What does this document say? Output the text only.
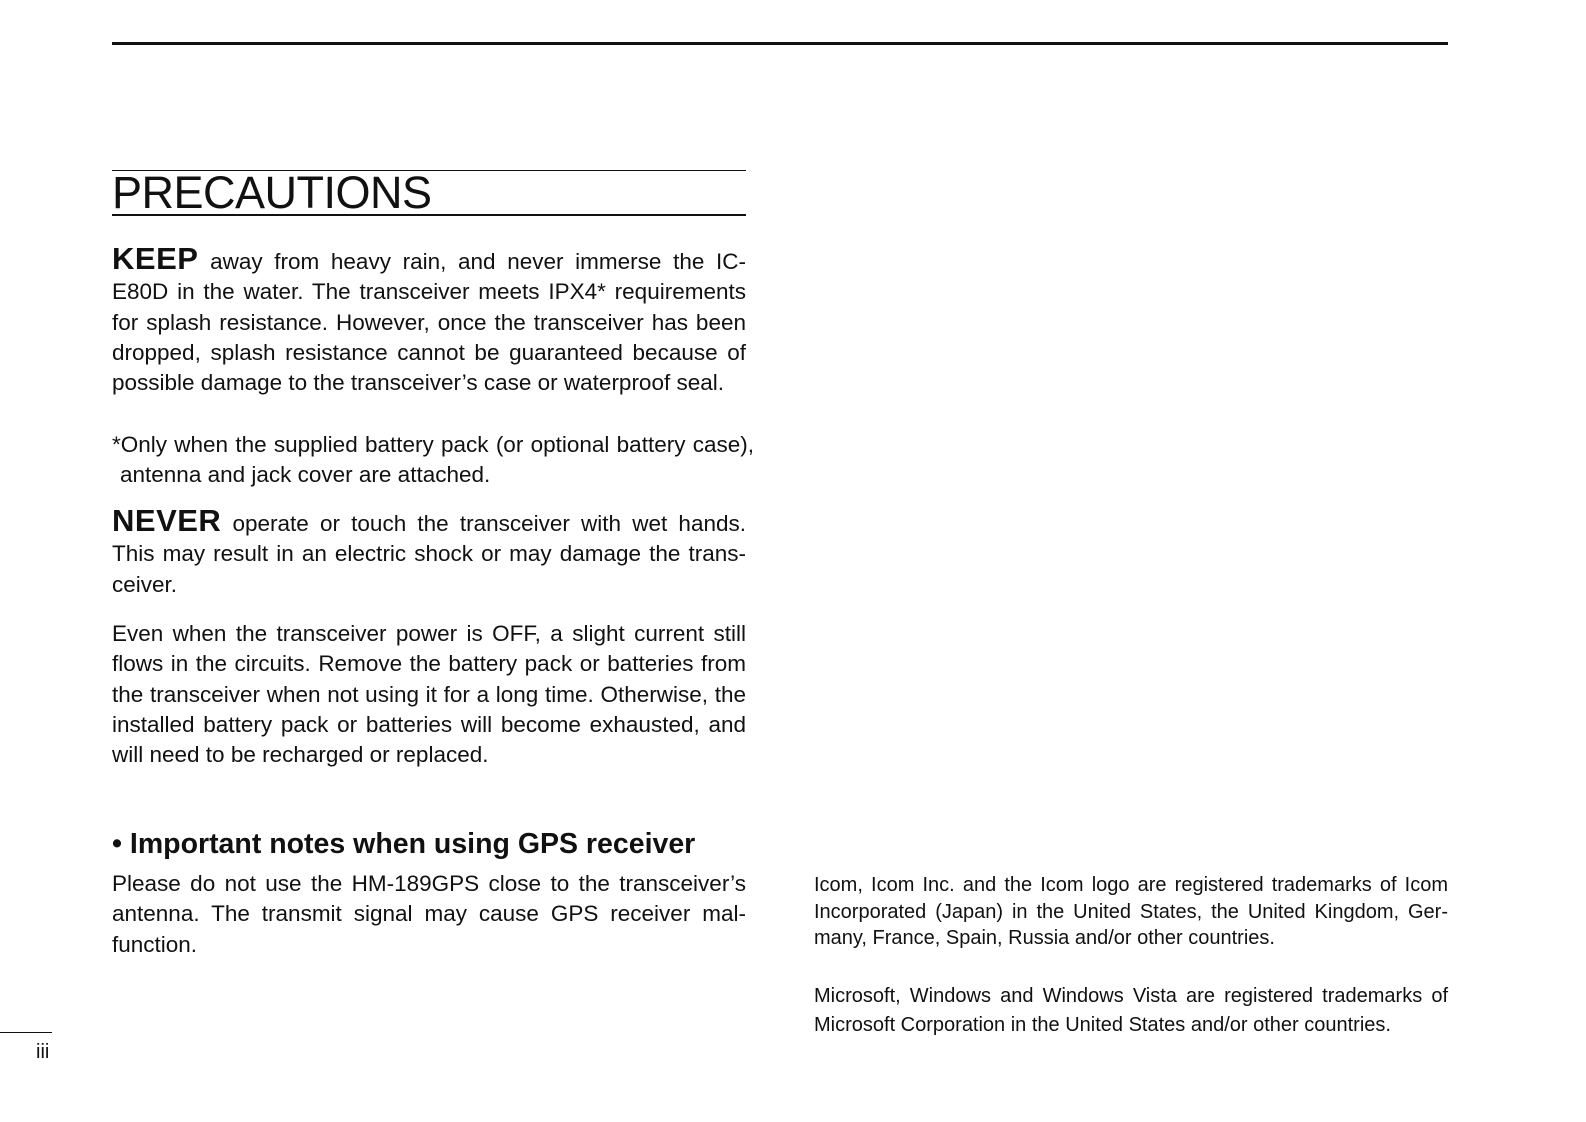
PRECAUTIONS

KEEP away from heavy rain, and never immerse the IC-E80D in the water. The transceiver meets IPX4* requirements for splash resistance. However, once the transceiver has been dropped, splash resistance cannot be guaranteed because of possible damage to the transceiver’s case or waterproof seal.

*Only when the supplied battery pack (or optional battery case), antenna and jack cover are attached.

NEVER operate or touch the transceiver with wet hands. This may result in an electric shock or may damage the transceiver.

Even when the transceiver power is OFF, a slight current still flows in the circuits. Remove the battery pack or batteries from the transceiver when not using it for a long time. Otherwise, the installed battery pack or batteries will become exhausted, and will need to be recharged or replaced.

• Important notes when using GPS receiver

Please do not use the HM-189GPS close to the transceiver’s antenna. The transmit signal may cause GPS receiver malfunction.

Icom, Icom Inc. and the Icom logo are registered trademarks of Icom Incorporated (Japan) in the United States, the United Kingdom, Germany, France, Spain, Russia and/or other countries.

Microsoft, Windows and Windows Vista are registered trademarks of Microsoft Corporation in the United States and/or other countries.

iii
